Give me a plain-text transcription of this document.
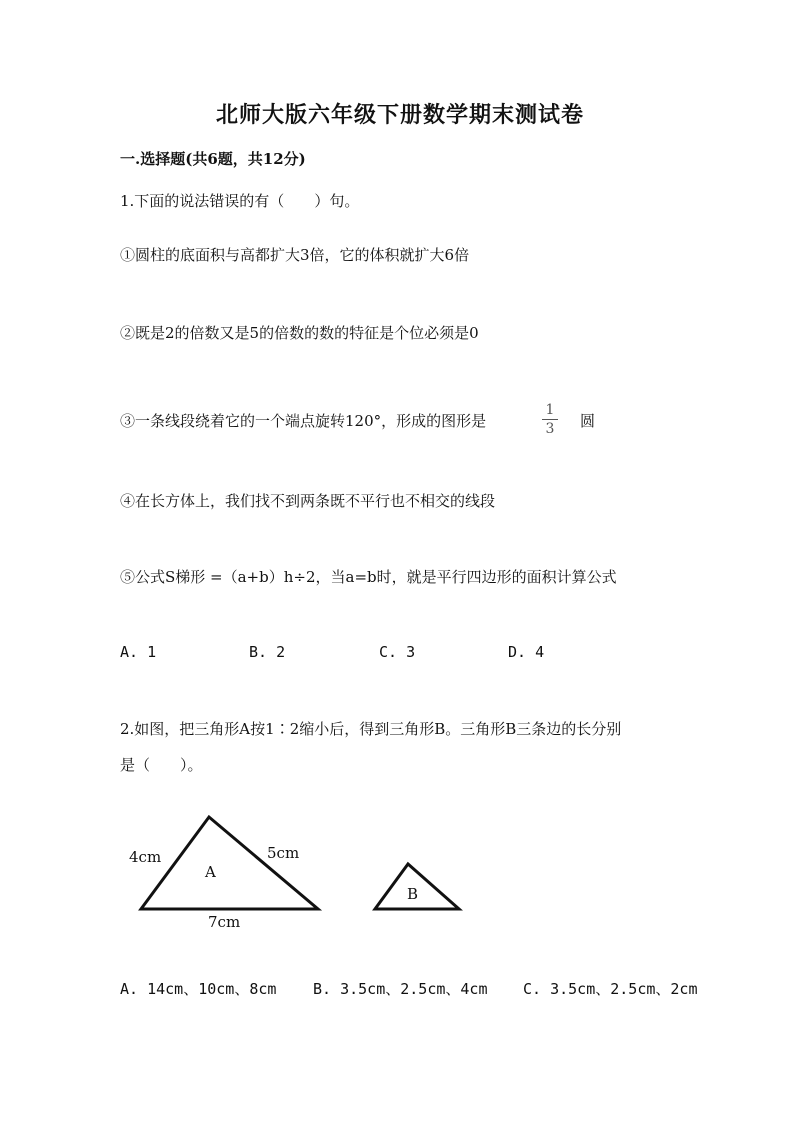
北师大版六年级下册数学期末测试卷
一.选择题(共6题，共12分)
1.下面的说法错误的有（　　）句。
①圆柱的底面积与高都扩大3倍，它的体积就扩大6倍
②既是2的倍数又是5的倍数的数的特征是个位必须是0
③一条线段绕着它的一个端点旋转120°，形成的图形是
1
3	圆
④在长方体上，我们找不到两条既不平行也不相交的线段
⑤公式S梯形 =（a+b）h÷2，当a=b时，就是平行四边形的面积计算公式
A. 1	B. 2	C. 3	D. 4
2.如图，把三角形A按1∶2缩小后，得到三角形B。三角形B三条边的长分别
是（　　）。
4cm	5cm
7cm
A
B
A. 14cm、10cm、8cm B. 3.5cm、2.5cm、4cm C. 3.5cm、2.5cm、2cm
